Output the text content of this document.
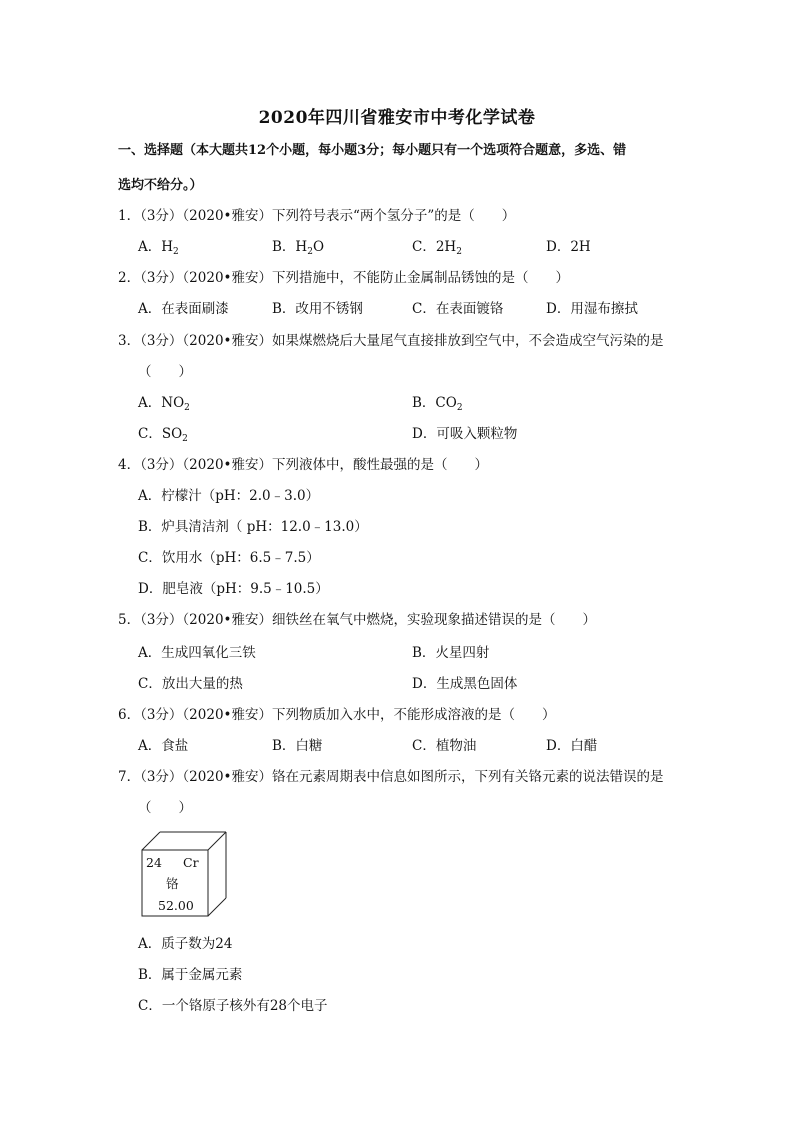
2020年四川省雅安市中考化学试卷
一、选择题（本大题共12个小题，每小题3分；每小题只有一个选项符合题意，多选、错
选均不给分。）
1．（3分）（2020•雅安）下列符号表示“两个氢分子”的是（　　）
A．$H_2$	B．$H_2O$	C．$2H_2$	D．2H
2．（3分）（2020•雅安）下列措施中，不能防止金属制品锈蚀的是（　　）
A．在表面刷漆	B．改用不锈钢	C．在表面镀铬	D．用湿布擦拭
3．（3分）（2020•雅安）如果煤燃烧后大量尾气直接排放到空气中，不会造成空气污染的是
（　　）
A．$NO_2$	B．$CO_2$
C．$SO_2$	D．可吸入颗粒物
4．（3分）（2020•雅安）下列液体中，酸性最强的是（　　）
A．柠檬汁（pH：2.0﹣3.0）
B．炉具清洁剂（ pH：12.0﹣13.0）
C．饮用水（pH：6.5﹣7.5）
D．肥皂液（pH：9.5﹣10.5）
5．（3分）（2020•雅安）细铁丝在氧气中燃烧，实验现象描述错误的是（　　）
A．生成四氧化三铁	B．火星四射
C．放出大量的热	D．生成黑色固体
6．（3分）（2020•雅安）下列物质加入水中，不能形成溶液的是（　　）
A．食盐	B．白糖	C．植物油	D．白醋
7．（3分）（2020•雅安）铬在元素周期表中信息如图所示，下列有关铬元素的说法错误的是
（　　）
24 Cr
铬
52.00
A．质子数为24
B．属于金属元素
C．一个铬原子核外有28个电子
